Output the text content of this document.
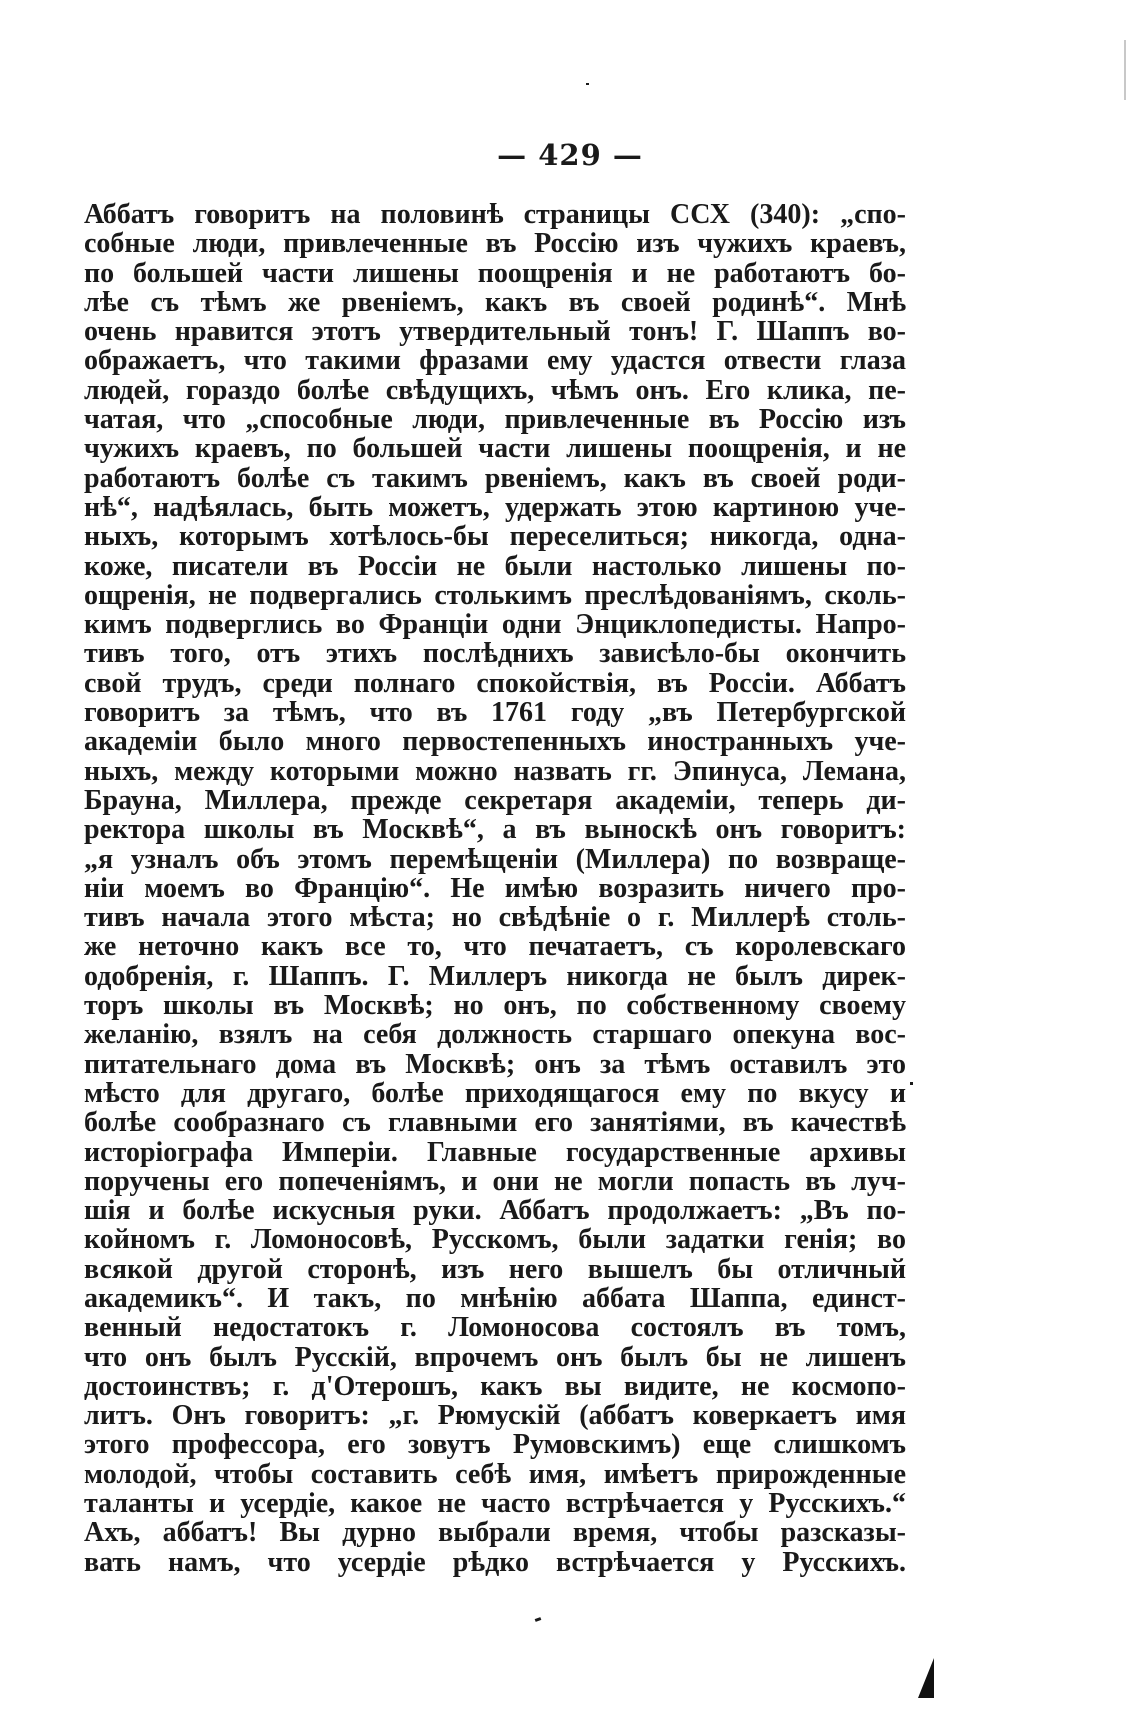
— 429 —
Аббатъ говоритъ на половинѣ страницы ССХ (340): „спо-
собные люди, привлеченные въ Россію изъ чужихъ краевъ,
по большей части лишены поощренія и не работаютъ бо-
лѣе съ тѣмъ же рвеніемъ, какъ въ своей родинѣ“. Мнѣ
очень нравится этотъ утвердительный тонъ! Г. Шаппъ во-
ображаетъ, что такими фразами ему удастся отвести глаза
людей, гораздо болѣе свѣдущихъ, чѣмъ онъ. Его клика, пе-
чатая, что „способные люди, привлеченные въ Россію изъ
чужихъ краевъ, по большей части лишены поощренія, и не
работаютъ болѣе съ такимъ рвеніемъ, какъ въ своей роди-
нѣ“, надѣялась, быть можетъ, удержать этою картиною уче-
ныхъ, которымъ хотѣлось-бы переселиться; никогда, одна-
коже, писатели въ Россіи не были настолько лишены по-
ощренія, не подвергались столькимъ преслѣдованіямъ, сколь-
кимъ подверглись во Франціи одни Энциклопедисты. Напро-
тивъ того, отъ этихъ послѣднихъ зависѣло-бы окончить
свой трудъ, среди полнаго спокойствія, въ Россіи. Аббатъ
говоритъ за тѣмъ, что въ 1761 году „въ Петербургской
академіи было много первостепенныхъ иностранныхъ уче-
ныхъ, между которыми можно назвать гг. Эпинуса, Лемана,
Брауна, Миллера, прежде секретаря академіи, теперь ди-
ректора школы въ Москвѣ“, а въ выноскѣ онъ говоритъ:
„я узналъ объ этомъ перемѣщеніи (Миллера) по возвраще-
ніи моемъ во Францію“. Не имѣю возразить ничего про-
тивъ начала этого мѣста; но свѣдѣніе о г. Миллерѣ столь-
же неточно какъ все то, что печатаетъ, съ королевскаго
одобренія, г. Шаппъ. Г. Миллеръ никогда не былъ дирек-
торъ школы въ Москвѣ; но онъ, по собственному своему
желанію, взялъ на себя должность старшаго опекуна вос-
питательнаго дома въ Москвѣ; онъ за тѣмъ оставилъ это
мѣсто для другаго, болѣе приходящагося ему по вкусу и
болѣе сообразнаго съ главными его занятіями, въ качествѣ
исторіографа Имперіи. Главные государственные архивы
поручены его попеченіямъ, и они не могли попасть въ луч-
шія и болѣе искусныя руки. Аббатъ продолжаетъ: „Въ по-
койномъ г. Ломоносовѣ, Русскомъ, были задатки генія; во
всякой другой сторонѣ, изъ него вышелъ бы отличный
академикъ“. И такъ, по мнѣнію аббата Шаппа, единст-
венный недостатокъ г. Ломоносова состоялъ въ томъ,
что онъ былъ Русскій, впрочемъ онъ былъ бы не лишенъ
достоинствъ; г. д'Отерошъ, какъ вы видите, не космопо-
литъ. Онъ говоритъ: „г. Рюмускій (аббатъ коверкаетъ имя
этого профессора, его зовутъ Румовскимъ) еще слишкомъ
молодой, чтобы составить себѣ имя, имѣетъ прирожденные
таланты и усердіе, какое не часто встрѣчается у Русскихъ.“
Ахъ, аббатъ! Вы дурно выбрали время, чтобы разсказы-
вать намъ, что усердіе рѣдко встрѣчается у Русскихъ.
